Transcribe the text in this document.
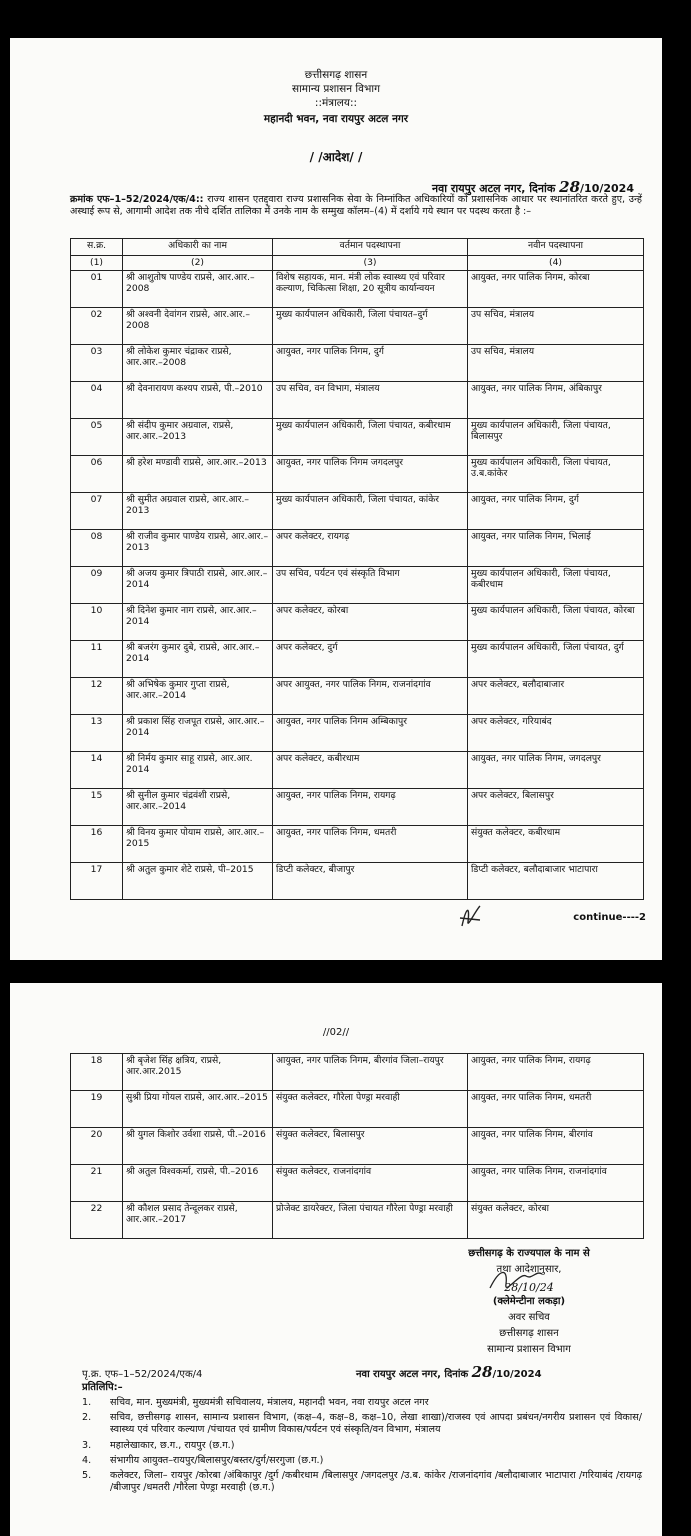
छत्तीसगढ़ शासन
सामान्य प्रशासन विभाग
::मंत्रालय::
महानदी भवन, नवा रायपुर अटल नगर
/ /आदेश/ /
नवा रायपुर अटल नगर, दिनांक 28/10/2024
क्रमांक एफ–1–52/2024/एक/4:: राज्य शासन एतद्द्वारा राज्य प्रशासनिक सेवा के निम्नांकित अधिकारियों को प्रशासनिक आधार पर स्थानांतरित करते हुए, उन्हें अस्थाई रूप से, आगामी आदेश तक नीचे दर्शित तालिका में उनके नाम के सम्मुख कॉलम–(4) में दर्शाये गये स्थान पर पदस्थ करता है :–
स.क्र.	अधिकारी का नाम	वर्तमान पदस्थापना	नवीन पदस्थापना
(1)	(2)	(3)	(4)
01	श्री आशुतोष पाण्डेय राप्रसे, आर.आर.–2008	विशेष सहायक, मान. मंत्री लोक स्वास्थ्य एवं परिवार कल्याण, चिकित्सा शिक्षा, 20 सूत्रीय कार्यान्वयन	आयुक्त, नगर पालिक निगम, कोरबा
02	श्री अश्वनी देवांगन राप्रसे, आर.आर.–2008	मुख्य कार्यपालन अधिकारी, जिला पंचायत–दुर्ग	उप सचिव, मंत्रालय
03	श्री लोकेश कुमार चंद्राकर राप्रसे, आर.आर.–2008	आयुक्त, नगर पालिक निगम, दुर्ग	उप सचिव, मंत्रालय
04	श्री देवनारायण कश्यप राप्रसे, पी.–2010	उप सचिव, वन विभाग, मंत्रालय	आयुक्त, नगर पालिक निगम, अंबिकापुर
05	श्री संदीप कुमार अग्रवाल, राप्रसे, आर.आर.–2013	मुख्य कार्यपालन अधिकारी, जिला पंचायत, कबीरधाम	मुख्य कार्यपालन अधिकारी, जिला पंचायत, बिलासपुर
06	श्री हरेश मण्डावी राप्रसे, आर.आर.–2013	आयुक्त, नगर पालिक निगम जगदलपुर	मुख्य कार्यपालन अधिकारी, जिला पंचायत, उ.ब.कांकेर
07	श्री सुमीत अग्रवाल राप्रसे, आर.आर.–2013	मुख्य कार्यपालन अधिकारी, जिला पंचायत, कांकेर	आयुक्त, नगर पालिक निगम, दुर्ग
08	श्री राजीव कुमार पाण्डेय राप्रसे, आर.आर.–2013	अपर कलेक्टर, रायगढ़	आयुक्त, नगर पालिक निगम, भिलाई
09	श्री अजय कुमार त्रिपाठी राप्रसे, आर.आर.–2014	उप सचिव, पर्यटन एवं संस्कृति विभाग	मुख्य कार्यपालन अधिकारी, जिला पंचायत, कबीरधाम
10	श्री दिनेश कुमार नाग राप्रसे, आर.आर.–2014	अपर कलेक्टर, कोरबा	मुख्य कार्यपालन अधिकारी, जिला पंचायत, कोरबा
11	श्री बजरंग कुमार दुबे, राप्रसे, आर.आर.–2014	अपर कलेक्टर, दुर्ग	मुख्य कार्यपालन अधिकारी, जिला पंचायत, दुर्ग
12	श्री अभिषेक कुमार गुप्ता राप्रसे, आर.आर.–2014	अपर आयुक्त, नगर पालिक निगम, राजनांदगांव	अपर कलेक्टर, बलौदाबाजार
13	श्री प्रकाश सिंह राजपूत राप्रसे, आर.आर.–2014	आयुक्त, नगर पालिक निगम अम्बिकापुर	अपर कलेक्टर, गरियाबंद
14	श्री निर्मय कुमार साहू राप्रसे, आर.आर. 2014	अपर कलेक्टर, कबीरधाम	आयुक्त, नगर पालिक निगम, जगदलपुर
15	श्री सुनील कुमार चंद्रवंशी राप्रसे, आर.आर.–2014	आयुक्त, नगर पालिक निगम, रायगढ़	अपर कलेक्टर, बिलासपुर
16	श्री विनय कुमार पोयाम राप्रसे, आर.आर.–2015	आयुक्त, नगर पालिक निगम, धमतरी	संयुक्त कलेक्टर, कबीरधाम
17	श्री अतुल कुमार शेटे राप्रसे, पी–2015	डिप्टी कलेक्टर, बीजापुर	डिप्टी कलेक्टर, बलौदाबाजार भाटापारा
continue----2
//02//
18	श्री बृजेश सिंह क्षत्रिय, राप्रसे, आर.आर.2015	आयुक्त, नगर पालिक निगम, बीरगांव जिला–रायपुर	आयुक्त, नगर पालिक निगम, रायगढ़
19	सुश्री प्रिया गोयल राप्रसे, आर.आर.–2015	संयुक्त कलेक्टर, गौरेला पेण्ड्रा मरवाही	आयुक्त, नगर पालिक निगम, धमतरी
20	श्री युगल किशोर उर्वशा राप्रसे, पी.–2016	संयुक्त कलेक्टर, बिलासपुर	आयुक्त, नगर पालिक निगम, बीरगांव
21	श्री अतुल विश्वकर्मा, राप्रसे, पी.–2016	संयुक्त कलेक्टर, राजनांदगांव	आयुक्त, नगर पालिक निगम, राजनांदगांव
22	श्री कौशल प्रसाद तेन्दूलकर राप्रसे, आर.आर.–2017	प्रोजेक्ट डायरेक्टर, जिला पंचायत गौरेला पेण्ड्रा मरवाही	संयुक्त कलेक्टर, कोरबा
छत्तीसगढ़ के राज्यपाल के नाम से
तथा आदेशानुसार,
28/10/24
(क्लेमेन्टीना लकड़ा)
अवर सचिव
छत्तीसगढ़ शासन
सामान्य प्रशासन विभाग
पृ.क्र. एफ–1–52/2024/एक/4	नवा रायपुर अटल नगर, दिनांक 28/10/2024
प्रतिलिपि:–
1.	सचिव, मान. मुख्यमंत्री, मुख्यमंत्री सचिवालय, मंत्रालय, महानदी भवन, नवा रायपुर अटल नगर
2.	सचिव, छत्तीसगढ़ शासन, सामान्य प्रशासन विभाग, (कक्ष–4, कक्ष–8, कक्ष–10, लेखा शाखा)/राजस्व एवं आपदा प्रबंधन/नगरीय प्रशासन एवं विकास/स्वास्थ्य एवं परिवार कल्याण /पंचायत एवं ग्रामीण विकास/पर्यटन एवं संस्कृति/वन विभाग, मंत्रालय
3.	महालेखाकार, छ.ग., रायपुर (छ.ग.)
4.	संभागीय आयुक्त–रायपुर/बिलासपुर/बस्तर/दुर्ग/सरगुजा (छ.ग.)
5.	कलेक्टर, जिला– रायपुर /कोरबा /अंबिकापुर /दुर्ग /कबीरधाम /बिलासपुर /जगदलपुर /उ.ब. कांकेर /राजनांदगांव /बलौदाबाजार भाटापारा /गरियाबंद /रायगढ़ /बीजापुर /धमतरी /गौरेला पेण्ड्रा मरवाही (छ.ग.)
